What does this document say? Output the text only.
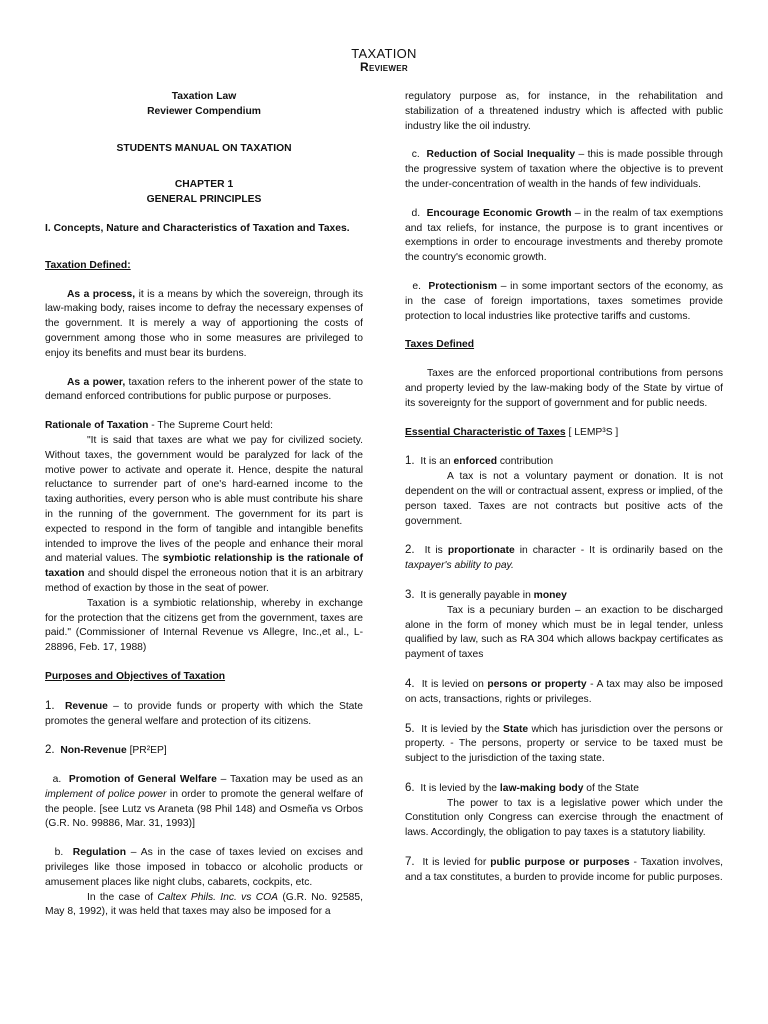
TAXATION
Reviewer

Taxation Law

Reviewer Compendium

STUDENTS MANUAL ON TAXATION

CHAPTER 1

GENERAL PRINCIPLES

I. Concepts, Nature and Characteristics of Taxation and Taxes.

Taxation Defined:

As a process, it is a means by which the sovereign, through its law-making body, raises income to defray the necessary expenses of the government. It is merely a way of apportioning the costs of government among those who in some measures are privileged to enjoy its benefits and must bear its burdens.

As a power, taxation refers to the inherent power of the state to demand enforced contributions for public purpose or purposes.

Rationale of Taxation - The Supreme Court held:

"It is said that taxes are what we pay for civilized society. Without taxes, the government would be paralyzed for lack of the motive power to activate and operate it. Hence, despite the natural reluctance to surrender part of one's hard-earned income to the taxing authorities, every person who is able must contribute his share in the running of the government. The government for its part is expected to respond in the form of tangible and intangible benefits intended to improve the lives of the people and enhance their moral and material values. The symbiotic relationship is the rationale of taxation and should dispel the erroneous notion that it is an arbitrary method of exaction by those in the seat of power.

Taxation is a symbiotic relationship, whereby in exchange for the protection that the citizens get from the government, taxes are paid." (Commissioner of Internal Revenue vs Allegre, Inc.,et al., L-28896, Feb. 17, 1988)

Purposes and Objectives of Taxation

1. Revenue – to provide funds or property with which the State promotes the general welfare and protection of its citizens.

2. Non-Revenue [PR²EP]

a. Promotion of General Welfare – Taxation may be used as an implement of police power in order to promote the general welfare of the people. [see Lutz vs Araneta (98 Phil 148) and Osmeña vs Orbos (G.R. No. 99886, Mar. 31, 1993)]

b. Regulation – As in the case of taxes levied on excises and privileges like those imposed in tobacco or alcoholic products or amusement places like night clubs, cabarets, cockpits, etc.

In the case of Caltex Phils. Inc. vs COA (G.R. No. 92585, May 8, 1992), it was held that taxes may also be imposed for a

regulatory purpose as, for instance, in the rehabilitation and stabilization of a threatened industry which is affected with public industry like the oil industry.

c. Reduction of Social Inequality – this is made possible through the progressive system of taxation where the objective is to prevent the under-concentration of wealth in the hands of few individuals.

d. Encourage Economic Growth – in the realm of tax exemptions and tax reliefs, for instance, the purpose is to grant incentives or exemptions in order to encourage investments and thereby promote the country's economic growth.

e. Protectionism – in some important sectors of the economy, as in the case of foreign importations, taxes sometimes provide protection to local industries like protective tariffs and customs.

Taxes Defined

Taxes are the enforced proportional contributions from persons and property levied by the law-making body of the State by virtue of its sovereignty for the support of government and for public needs.

Essential Characteristic of Taxes [ LEMP³S ]

1. It is an enforced contribution

A tax is not a voluntary payment or donation. It is not dependent on the will or contractual assent, express or implied, of the person taxed. Taxes are not contracts but positive acts of the government.

2. It is proportionate in character - It is ordinarily based on the taxpayer's ability to pay.

3. It is generally payable in money

Tax is a pecuniary burden – an exaction to be discharged alone in the form of money which must be in legal tender, unless qualified by law, such as RA 304 which allows backpay certificates as payment of taxes

4. It is levied on persons or property - A tax may also be imposed on acts, transactions, rights or privileges.

5. It is levied by the State which has jurisdiction over the persons or property. - The persons, property or service to be taxed must be subject to the jurisdiction of the taxing state.

6. It is levied by the law-making body of the State

The power to tax is a legislative power which under the Constitution only Congress can exercise through the enactment of laws. Accordingly, the obligation to pay taxes is a statutory liability.

7. It is levied for public purpose or purposes - Taxation involves, and a tax constitutes, a burden to provide income for public purposes.
